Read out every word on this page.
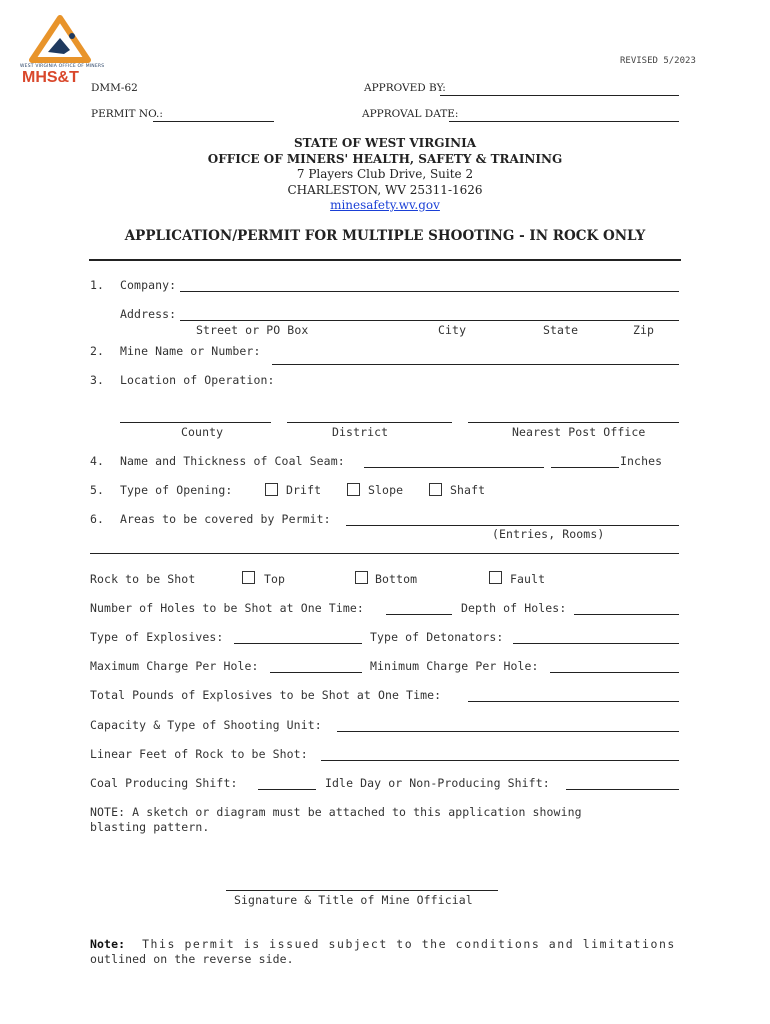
WEST VIRGINIA OFFICE OF MINERS
MHS&T
REVISED 5/2023
DMM-62	APPROVED BY:
PERMIT NO.:	APPROVAL DATE:
STATE OF WEST VIRGINIA
OFFICE OF MINERS' HEALTH, SAFETY & TRAINING
7 Players Club Drive, Suite 2
CHARLESTON, WV 25311-1626
minesafety.wv.gov
APPLICATION/PERMIT FOR MULTIPLE SHOOTING - IN ROCK ONLY
1. Company:
Address:
Street or PO Box	City	State	Zip
2. Mine Name or Number:
3. Location of Operation:
County	District	Nearest Post Office
4. Name and Thickness of Coal Seam:	Inches
5. Type of Opening:	Drift	Slope	Shaft
6. Areas to be covered by Permit:
(Entries, Rooms)
Rock to be Shot	Top	Bottom	Fault
Number of Holes to be Shot at One Time:	Depth of Holes:
Type of Explosives:	Type of Detonators:
Maximum Charge Per Hole:	Minimum Charge Per Hole:
Total Pounds of Explosives to be Shot at One Time:
Capacity & Type of Shooting Unit:
Linear Feet of Rock to be Shot:
Coal Producing Shift:	Idle Day or Non-Producing Shift:
NOTE: A sketch or diagram must be attached to this application showing
blasting pattern.
Signature & Title of Mine Official
Note:  This permit is issued subject to the conditions and limitations
outlined on the reverse side.
